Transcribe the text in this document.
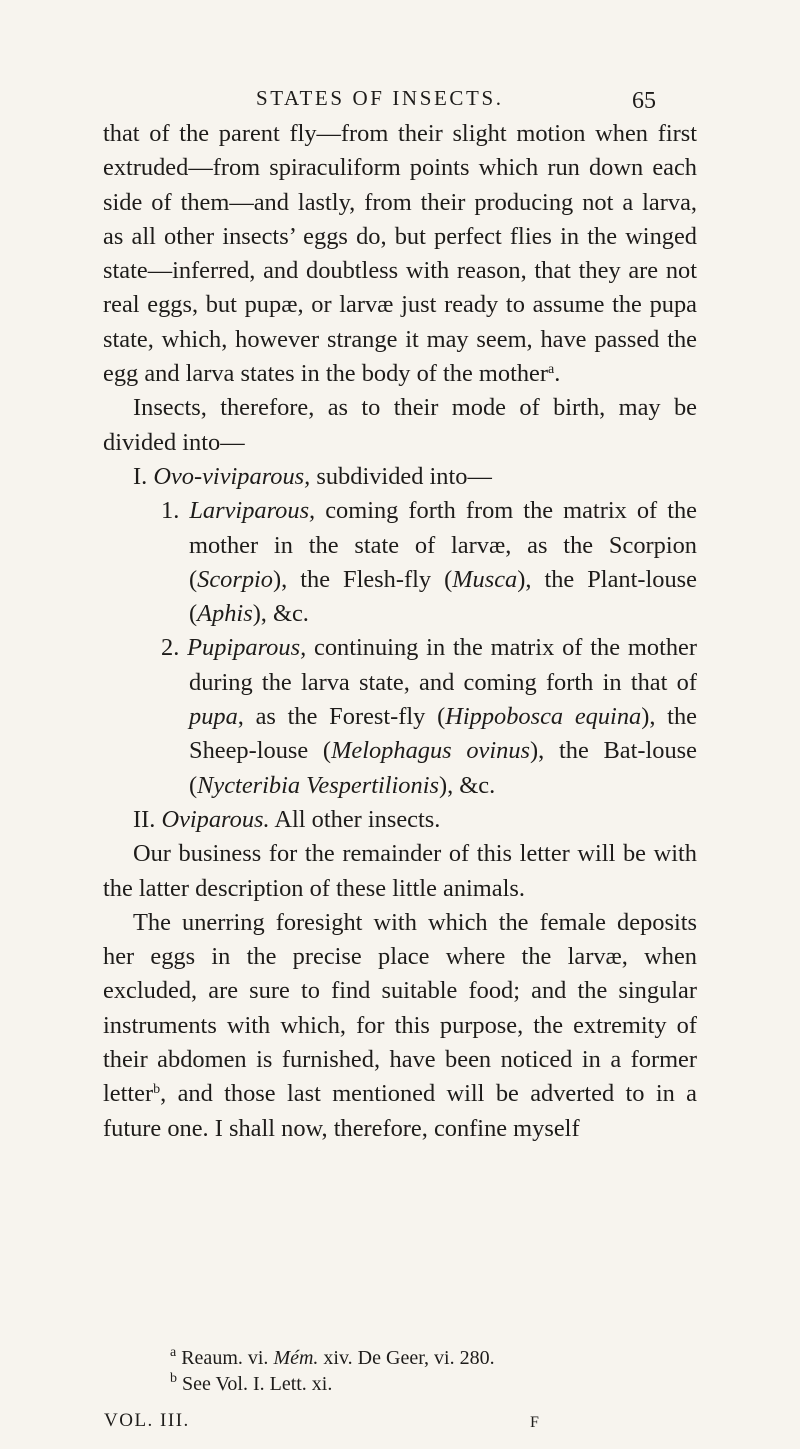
STATES OF INSECTS.	65

that of the parent fly—from their slight motion when first extruded—from spiraculiform points which run down each side of them—and lastly, from their producing not a larva, as all other insects’ eggs do, but perfect flies in the winged state—inferred, and doubtless with reason, that they are not real eggs, but pupæ, or larvæ just ready to assume the pupa state, which, however strange it may seem, have passed the egg and larva states in the body of the mother$^a$.

Insects, therefore, as to their mode of birth, may be divided into—

I. Ovo-viviparous, subdivided into—

1. Larviparous, coming forth from the matrix of the mother in the state of larvæ, as the Scorpion (Scorpio), the Flesh-fly (Musca), the Plant-louse (Aphis), &c.

2. Pupiparous, continuing in the matrix of the mother during the larva state, and coming forth in that of pupa, as the Forest-fly (Hippobosca equina), the Sheep-louse (Melophagus ovinus), the Bat-louse (Nycteribia Vespertilionis), &c.

II. Oviparous. All other insects.

Our business for the remainder of this letter will be with the latter description of these little animals.

The unerring foresight with which the female deposits her eggs in the precise place where the larvæ, when excluded, are sure to find suitable food; and the singular instruments with which, for this purpose, the extremity of their abdomen is furnished, have been noticed in a former letter$^b$, and those last mentioned will be adverted to in a future one. I shall now, therefore, confine myself

$^a$ Reaum. vi. Mém. xiv. De Geer, vi. 280.
$^b$ See Vol. I. Lett. xi.
VOL. III.	F
